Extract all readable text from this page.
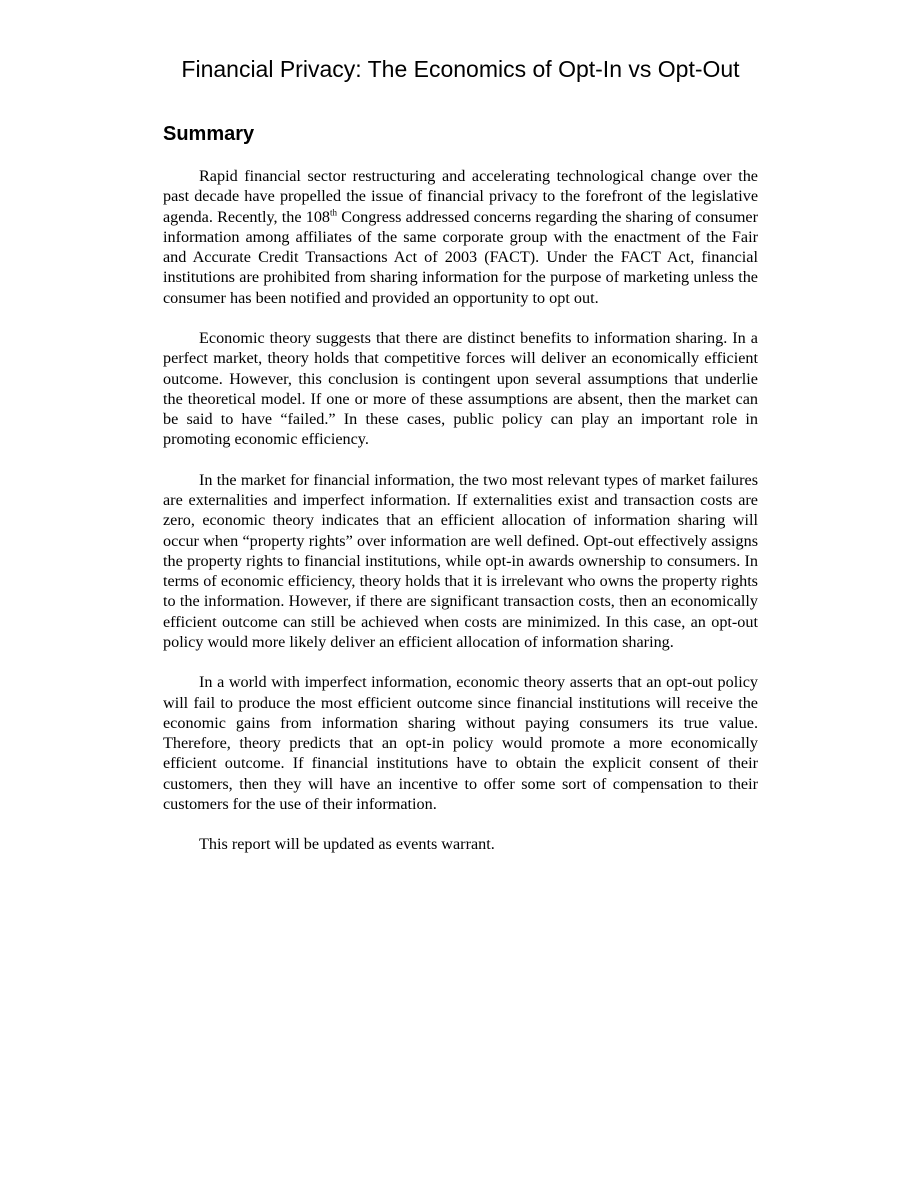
Financial Privacy: The Economics of Opt-In vs Opt-Out
Summary

Rapid financial sector restructuring and accelerating technological change over the past decade have propelled the issue of financial privacy to the forefront of the legislative agenda. Recently, the 108th Congress addressed concerns regarding the sharing of consumer information among affiliates of the same corporate group with the enactment of the Fair and Accurate Credit Transactions Act of 2003 (FACT). Under the FACT Act, financial institutions are prohibited from sharing information for the purpose of marketing unless the consumer has been notified and provided an opportunity to opt out.

Economic theory suggests that there are distinct benefits to information sharing. In a perfect market, theory holds that competitive forces will deliver an economically efficient outcome. However, this conclusion is contingent upon several assumptions that underlie the theoretical model. If one or more of these assumptions are absent, then the market can be said to have “failed.” In these cases, public policy can play an important role in promoting economic efficiency.

In the market for financial information, the two most relevant types of market failures are externalities and imperfect information. If externalities exist and transaction costs are zero, economic theory indicates that an efficient allocation of information sharing will occur when “property rights” over information are well defined. Opt-out effectively assigns the property rights to financial institutions, while opt-in awards ownership to consumers. In terms of economic efficiency, theory holds that it is irrelevant who owns the property rights to the information. However, if there are significant transaction costs, then an economically efficient outcome can still be achieved when costs are minimized. In this case, an opt-out policy would more likely deliver an efficient allocation of information sharing.

In a world with imperfect information, economic theory asserts that an opt-out policy will fail to produce the most efficient outcome since financial institutions will receive the economic gains from information sharing without paying consumers its true value. Therefore, theory predicts that an opt-in policy would promote a more economically efficient outcome. If financial institutions have to obtain the explicit consent of their customers, then they will have an incentive to offer some sort of compensation to their customers for the use of their information.

This report will be updated as events warrant.
